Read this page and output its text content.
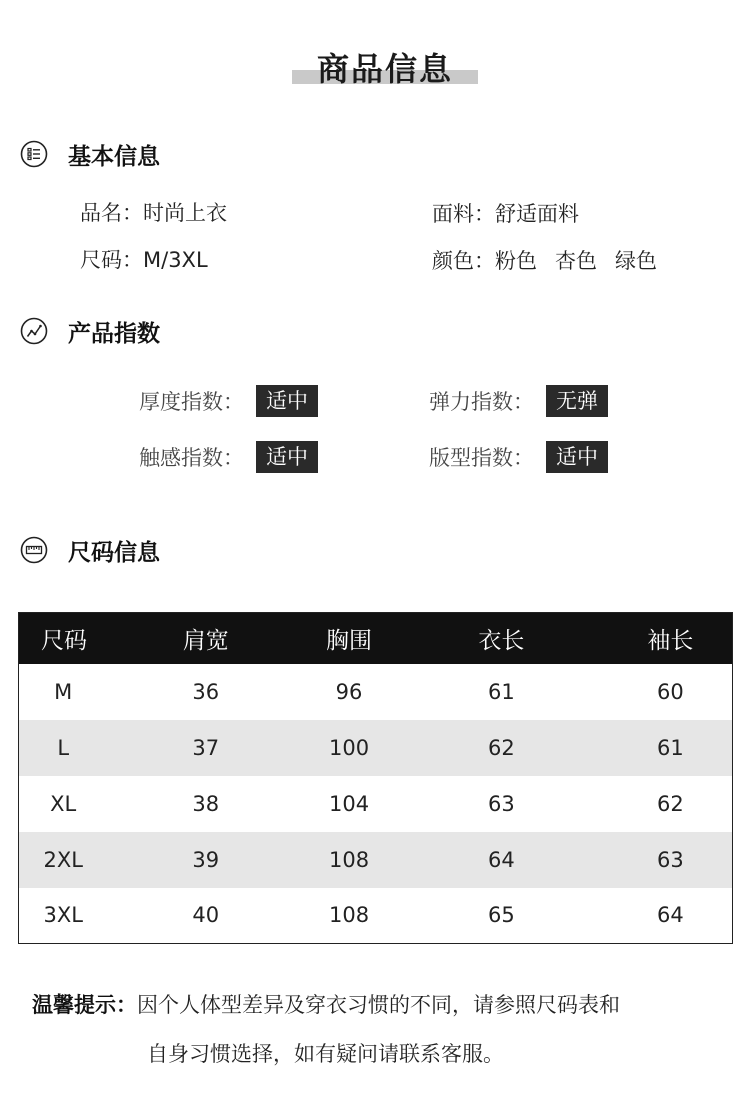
商品信息
基本信息
品名：时尚上衣
尺码：M/3XL
面料：舒适面料
颜色：粉色 杏色 绿色
产品指数
厚度指数：	适中	弹力指数：	无弹
触感指数：	适中	版型指数：	适中
尺码信息
尺码	肩宽	胸围	衣长	袖长
M	36	96	61	60
L	37	100	62	61
XL	38	104	63	62
2XL	39	108	64	63
3XL	40	108	65	64
温馨提示：因个人体型差异及穿衣习惯的不同，请参照尺码表和
自身习惯选择，如有疑问请联系客服。
